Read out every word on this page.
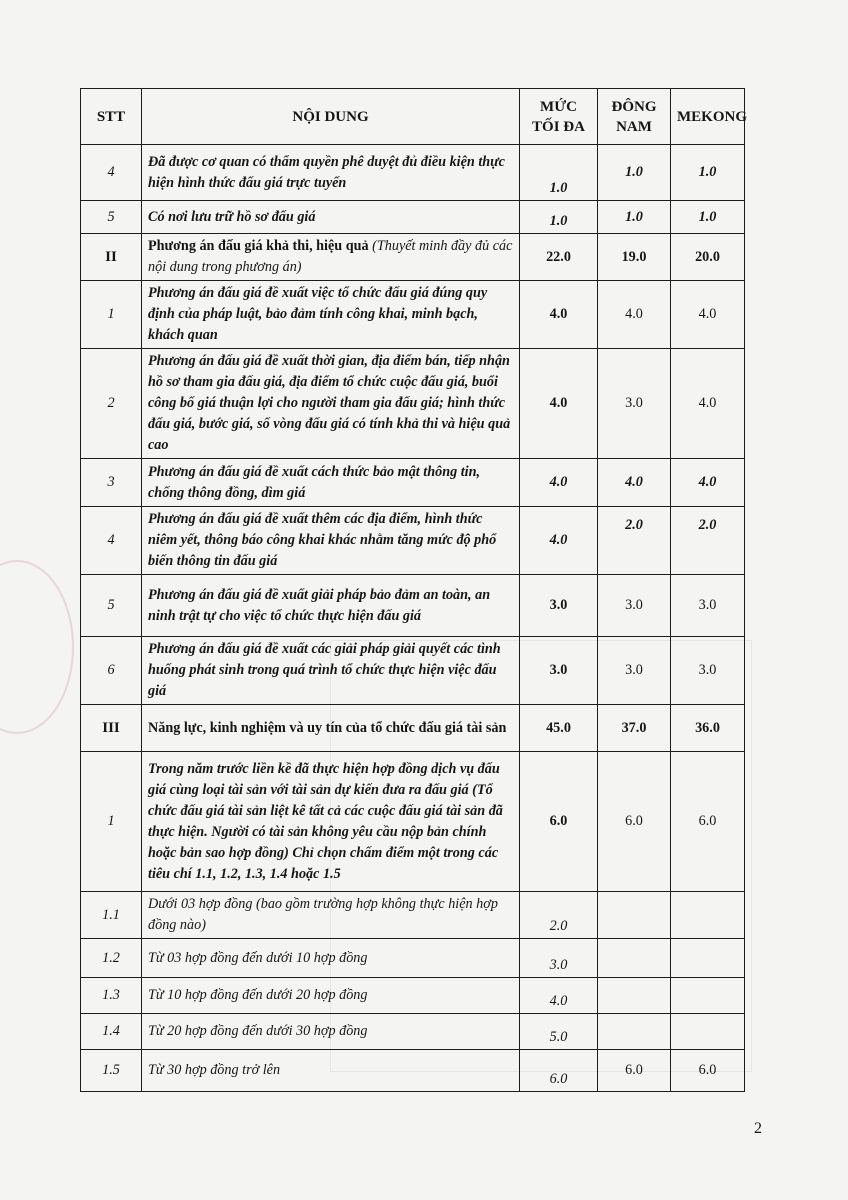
STT	NỘI DUNG	MỨC TỐI ĐA	ĐÔNG NAM	MEKONG
4	Đã được cơ quan có thẩm quyền phê duyệt đủ điều kiện thực hiện hình thức đấu giá trực tuyến	1.0	1.0	1.0
5	Có nơi lưu trữ hồ sơ đấu giá	1.0	1.0	1.0
II	Phương án đấu giá khả thi, hiệu quả (Thuyết minh đầy đủ các nội dung trong phương án)	22.0	19.0	20.0
1	Phương án đấu giá đề xuất việc tổ chức đấu giá đúng quy định của pháp luật, bảo đảm tính công khai, minh bạch, khách quan	4.0	4.0	4.0
2	Phương án đấu giá đề xuất thời gian, địa điểm bán, tiếp nhận hồ sơ tham gia đấu giá, địa điểm tổ chức cuộc đấu giá, buổi công bố giá thuận lợi cho người tham gia đấu giá; hình thức đấu giá, bước giá, số vòng đấu giá có tính khả thi và hiệu quả cao	4.0	3.0	4.0
3	Phương án đấu giá đề xuất cách thức bảo mật thông tin, chống thông đồng, dìm giá	4.0	4.0	4.0
4	Phương án đấu giá đề xuất thêm các địa điểm, hình thức niêm yết, thông báo công khai khác nhằm tăng mức độ phổ biến thông tin đấu giá	4.0	2.0	2.0
5	Phương án đấu giá đề xuất giải pháp bảo đảm an toàn, an ninh trật tự cho việc tổ chức thực hiện đấu giá	3.0	3.0	3.0
6	Phương án đấu giá đề xuất các giải pháp giải quyết các tình huống phát sinh trong quá trình tổ chức thực hiện việc đấu giá	3.0	3.0	3.0
III	Năng lực, kinh nghiệm và uy tín của tổ chức đấu giá tài sản	45.0	37.0	36.0
1	Trong năm trước liền kề đã thực hiện hợp đồng dịch vụ đấu giá cùng loại tài sản với tài sản dự kiến đưa ra đấu giá (Tổ chức đấu giá tài sản liệt kê tất cả các cuộc đấu giá tài sản đã thực hiện. Người có tài sản không yêu cầu nộp bản chính hoặc bản sao hợp đồng) Chỉ chọn chấm điểm một trong các tiêu chí 1.1, 1.2, 1.3, 1.4 hoặc 1.5	6.0	6.0	6.0
1.1	Dưới 03 hợp đồng (bao gồm trường hợp không thực hiện hợp đồng nào)	2.0		
1.2	Từ 03 hợp đồng đến dưới 10 hợp đồng	3.0		
1.3	Từ 10 hợp đồng đến dưới 20 hợp đồng	4.0		
1.4	Từ 20 hợp đồng đến dưới 30 hợp đồng	5.0		
1.5	Từ 30 hợp đồng trở lên	6.0	6.0	6.0
2
